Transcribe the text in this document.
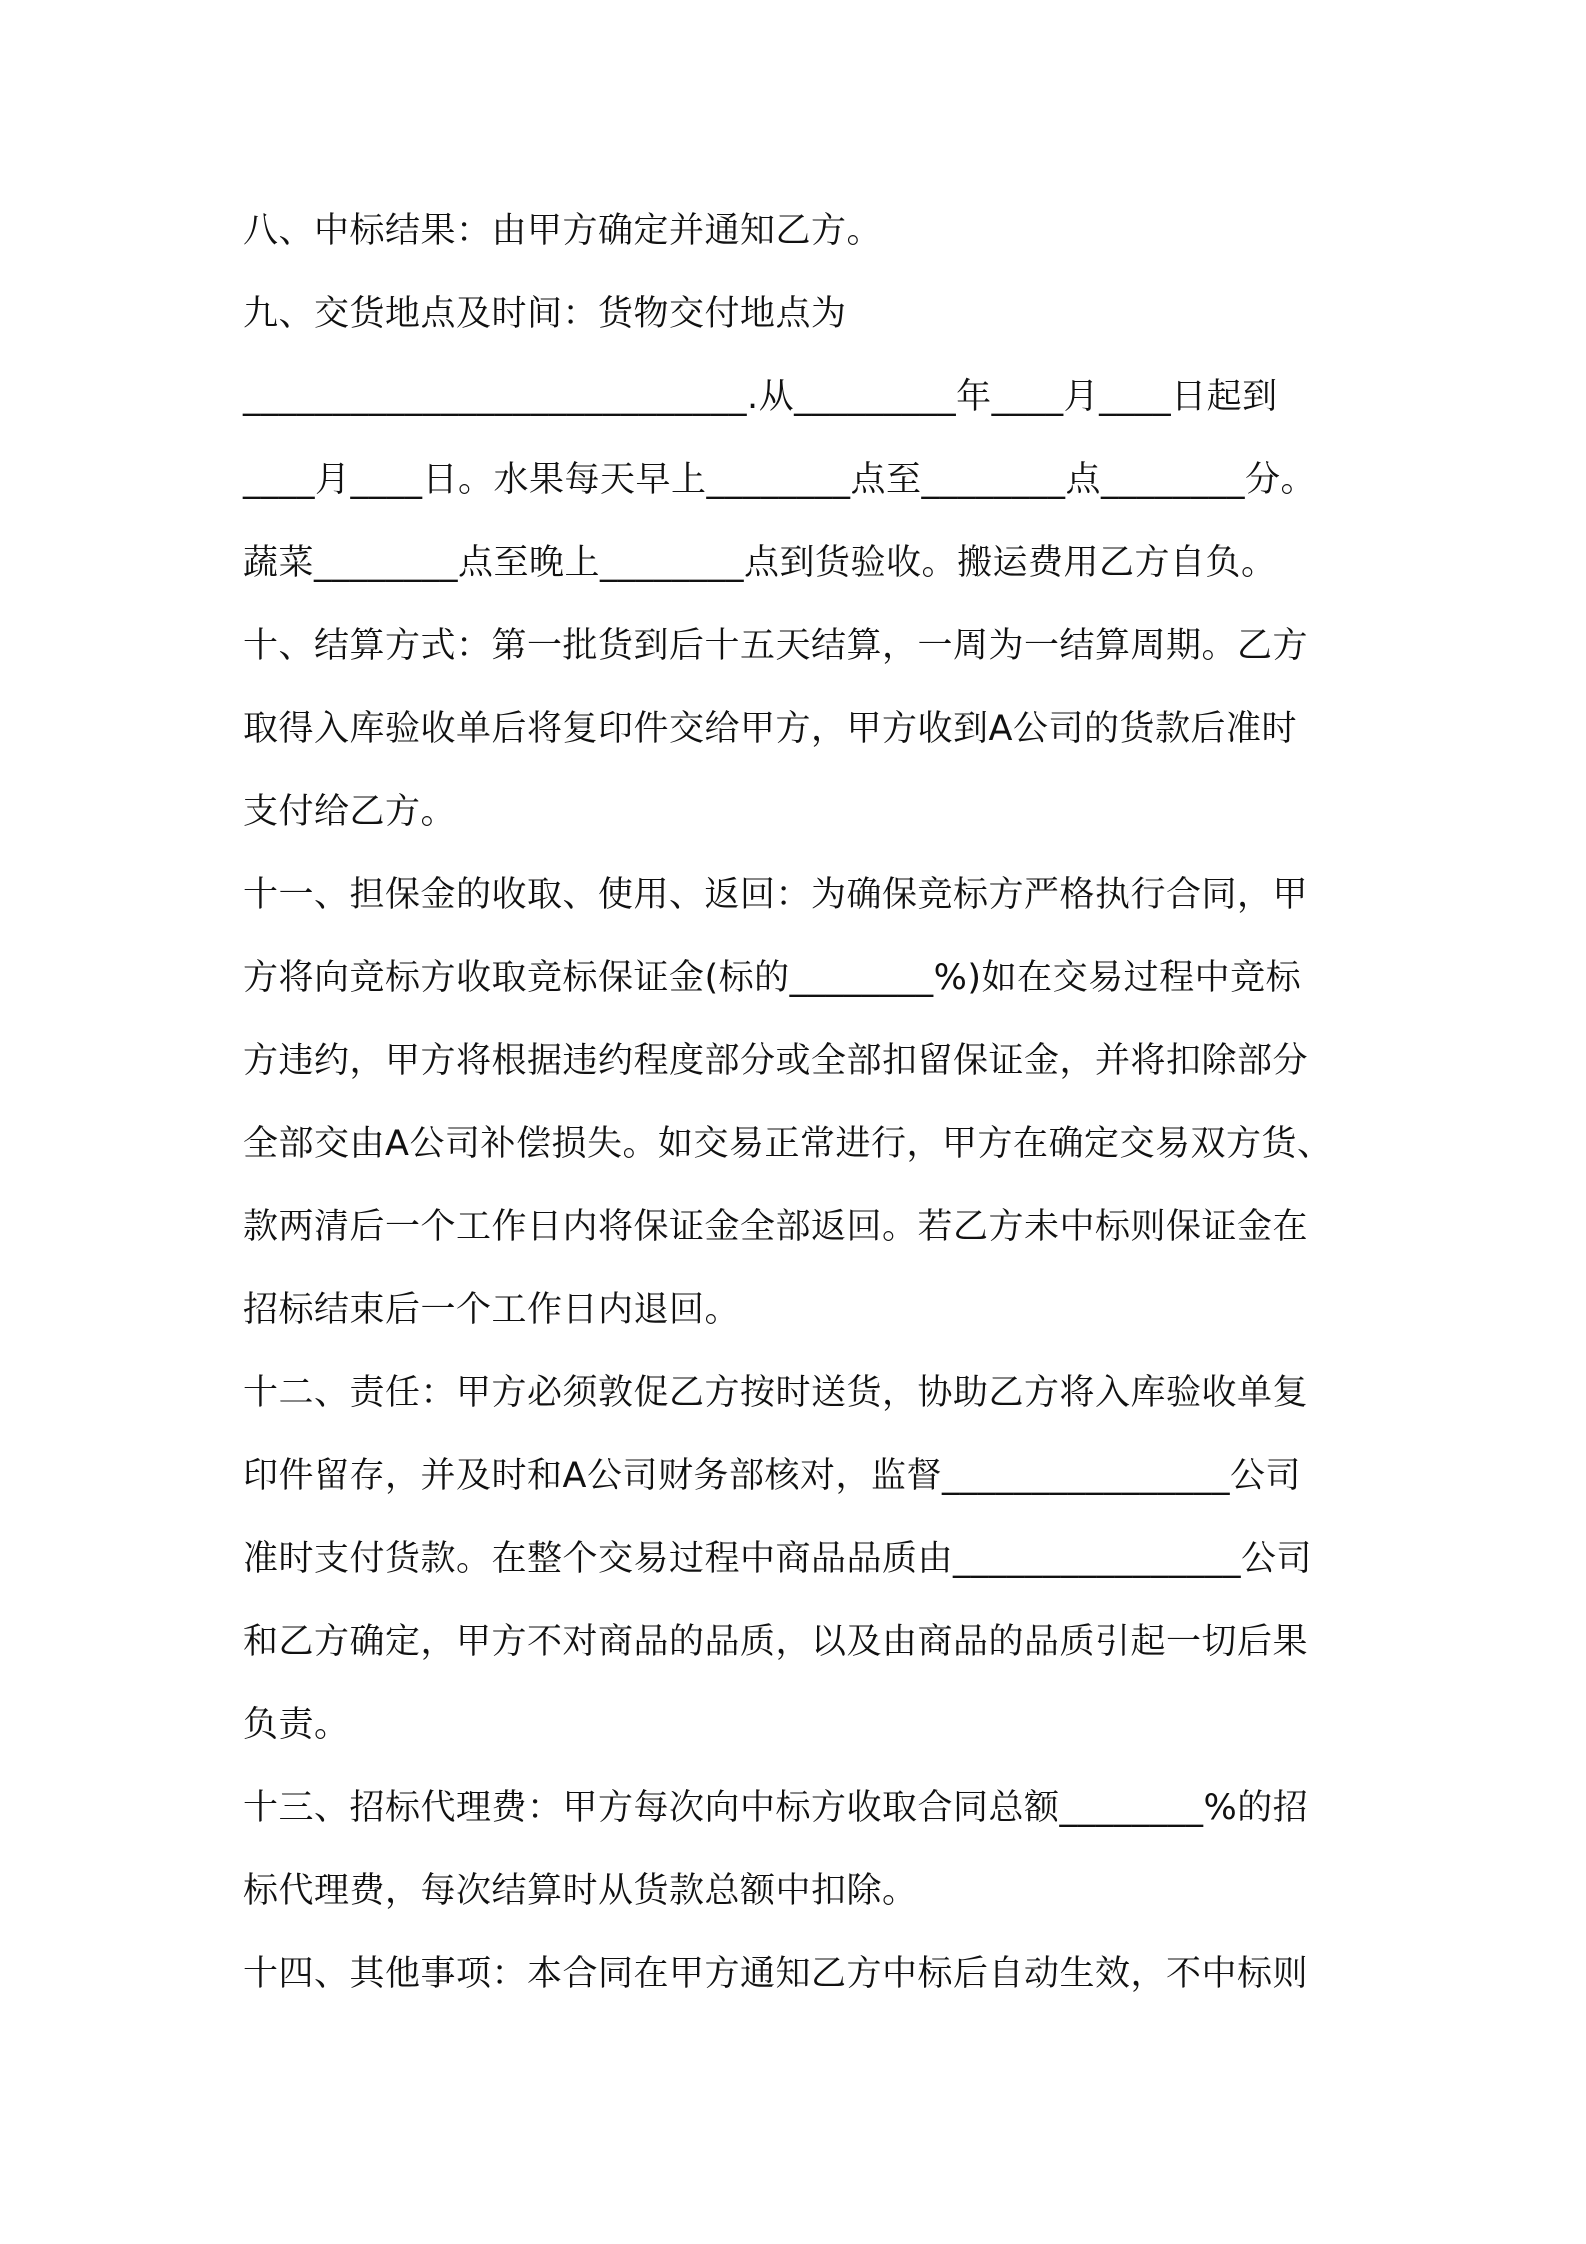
八、中标结果：由甲方确定并通知乙方。
九、交货地点及时间：货物交付地点为
____________________________.从_________年____月____日起到
____月____日。水果每天早上________点至________点________分。
蔬菜________点至晚上________点到货验收。搬运费用乙方自负。
十、结算方式：第一批货到后十五天结算，一周为一结算周期。乙方
取得入库验收单后将复印件交给甲方，甲方收到A公司的货款后准时
支付给乙方。
十一、担保金的收取、使用、返回：为确保竞标方严格执行合同，甲
方将向竞标方收取竞标保证金(标的________%)如在交易过程中竞标
方违约，甲方将根据违约程度部分或全部扣留保证金，并将扣除部分
全部交由A公司补偿损失。如交易正常进行，甲方在确定交易双方货、
款两清后一个工作日内将保证金全部返回。若乙方未中标则保证金在
招标结束后一个工作日内退回。
十二、责任：甲方必须敦促乙方按时送货，协助乙方将入库验收单复
印件留存，并及时和A公司财务部核对，监督________________公司
准时支付货款。在整个交易过程中商品品质由________________公司
和乙方确定，甲方不对商品的品质，以及由商品的品质引起一切后果
负责。
十三、招标代理费：甲方每次向中标方收取合同总额________%的招
标代理费，每次结算时从货款总额中扣除。
十四、其他事项：本合同在甲方通知乙方中标后自动生效，不中标则
